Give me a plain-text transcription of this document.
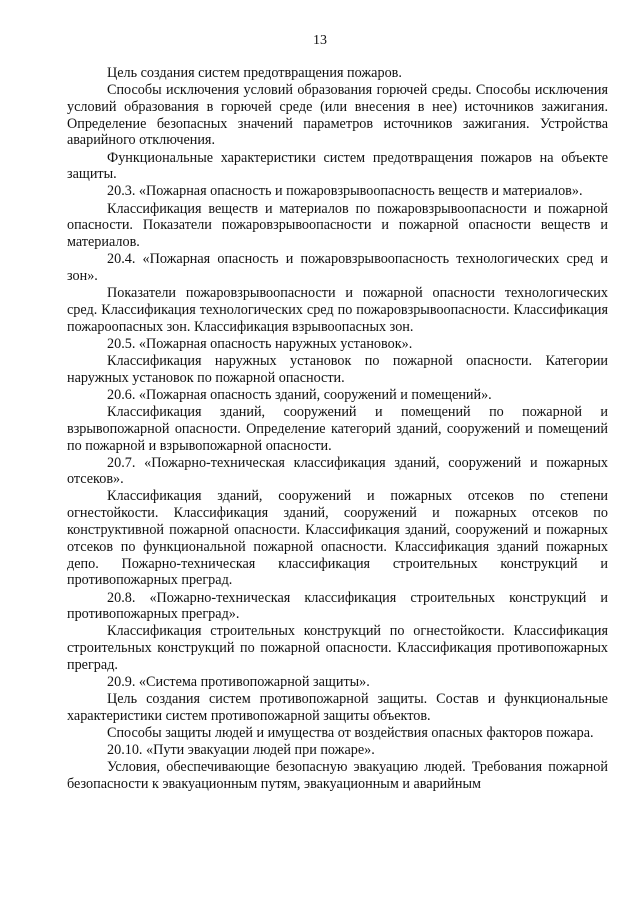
13

Цель создания систем предотвращения пожаров.

Способы исключения условий образования горючей среды. Способы исключения условий образования в горючей среде (или внесения в нее) источников зажигания. Определение безопасных значений параметров источников зажигания. Устройства аварийного отключения.

Функциональные характеристики систем предотвращения пожаров на объекте защиты.

20.3. «Пожарная опасность и пожаровзрывоопасность веществ и материалов».

Классификация веществ и материалов по пожаровзрывоопасности и пожарной опасности. Показатели пожаровзрывоопасности и пожарной опасности веществ и материалов.

20.4. «Пожарная опасность и пожаровзрывоопасность технологических сред и зон».

Показатели пожаровзрывоопасности и пожарной опасности технологических сред. Классификация технологических сред по пожаровзрывоопасности. Классификация пожароопасных зон. Классификация взрывоопасных зон.

20.5. «Пожарная опасность наружных установок».

Классификация наружных установок по пожарной опасности. Категории наружных установок по пожарной опасности.

20.6. «Пожарная опасность зданий, сооружений и помещений».

Классификация зданий, сооружений и помещений по пожарной и взрывопожарной опасности. Определение категорий зданий, сооружений и помещений по пожарной и взрывопожарной опасности.

20.7. «Пожарно-техническая классификация зданий, сооружений и пожарных отсеков».

Классификация зданий, сооружений и пожарных отсеков по степени огнестойкости. Классификация зданий, сооружений и пожарных отсеков по конструктивной пожарной опасности. Классификация зданий, сооружений и пожарных отсеков по функциональной пожарной опасности. Классификация зданий пожарных депо. Пожарно-техническая классификация строительных конструкций и противопожарных преград.

20.8. «Пожарно-техническая классификация строительных конструкций и противопожарных преград».

Классификация строительных конструкций по огнестойкости. Классификация строительных конструкций по пожарной опасности. Классификация противопожарных преград.

20.9. «Система противопожарной защиты».

Цель создания систем противопожарной защиты. Состав и функциональные характеристики систем противопожарной защиты объектов.

Способы защиты людей и имущества от воздействия опасных факторов пожара.

20.10. «Пути эвакуации людей при пожаре».

Условия, обеспечивающие безопасную эвакуацию людей. Требования пожарной безопасности к эвакуационным путям, эвакуационным и аварийным
